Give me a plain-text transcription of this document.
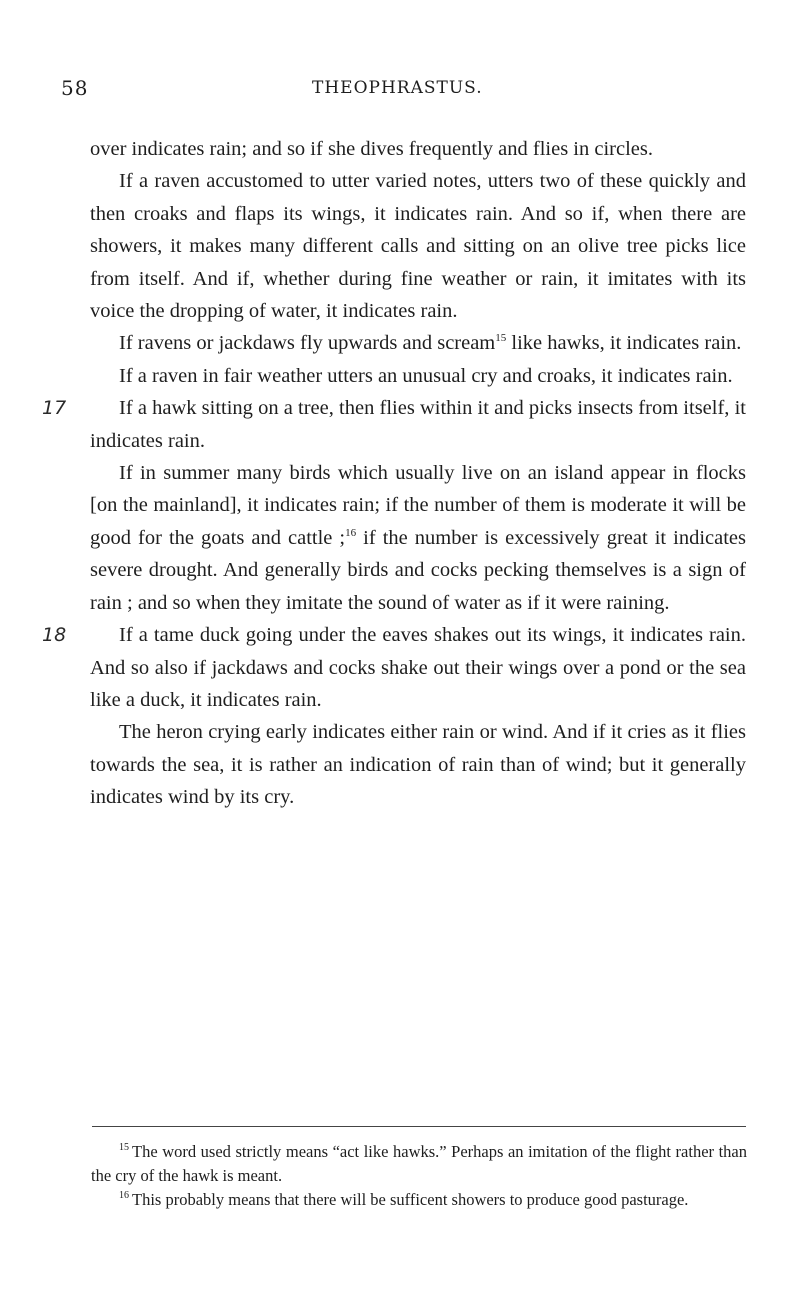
58	THEOPHRASTUS.

over indicates rain; and so if she dives frequently and flies in circles.

If a raven accustomed to utter varied notes, utters two of these quickly and then croaks and flaps its wings, it indicates rain. And so if, when there are showers, it makes many different calls and sitting on an olive tree picks lice from itself. And if, whether during fine weather or rain, it imitates with its voice the dropping of water, it indicates rain.

If ravens or jackdaws fly upwards and scream$^{15}$ like hawks, it indicates rain.

If a raven in fair weather utters an unusual cry and croaks, it indicates rain.

17	If a hawk sitting on a tree, then flies within it and picks insects from itself, it indicates rain.

If in summer many birds which usually live on an island appear in flocks [on the mainland], it indicates rain; if the number of them is moderate it will be good for the goats and cattle ;$^{16}$ if the number is excessively great it indicates severe drought. And generally birds and cocks pecking themselves is a sign of rain ; and so when they imitate the sound of water as if it were raining.

18	If a tame duck going under the eaves shakes out its wings, it indicates rain. And so also if jackdaws and cocks shake out their wings over a pond or the sea like a duck, it indicates rain.

The heron crying early indicates either rain or wind. And if it cries as it flies towards the sea, it is rather an indication of rain than of wind; but it generally indicates wind by its cry.

$^{15}$ The word used strictly means “act like hawks.” Perhaps an imitation of the flight rather than the cry of the hawk is meant.

$^{16}$ This probably means that there will be sufficent showers to produce good pasturage.
